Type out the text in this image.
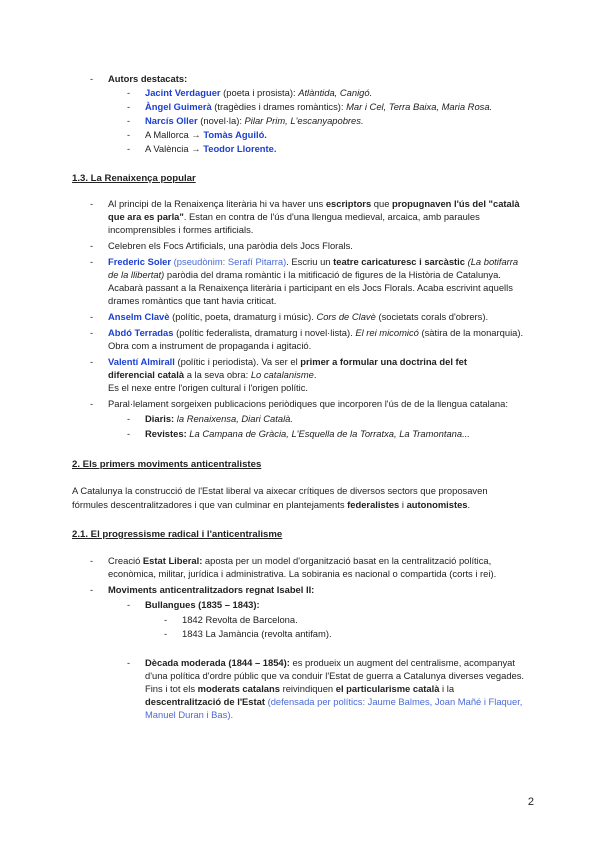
- Autors destacats:
- Jacint Verdaguer (poeta i prosista): Atlàntida, Canigó.
- Àngel Guimerà (tragèdies i drames romàntics): Mar i Cel, Terra Baixa, Maria Rosa.
- Narcís Oller (novel·la): Pilar Prim, L'escanyapobres.
- A Mallorca → Tomàs Aguiló.
- A València → Teodor Llorente.
1.3. La Renaixença popular
- Al principi de la Renaixença literària hi va haver uns escriptors que propugnaven l'ús del "català
que ara es parla". Estan en contra de l'ús d'una llengua medieval, arcaica, amb paraules
incomprensibles i formes artificials.
- Celebren els Focs Artificials, una paròdia dels Jocs Florals.
- Frederic Soler (pseudònim: Serafí Pitarra). Escriu un teatre caricaturesc i sarcàstic (La botifarra
de la llibertat) paròdia del drama romàntic i la mitificació de figures de la Història de Catalunya.
Acabarà passant a la Renaixença literària i participant en els Jocs Florals. Acaba escrivint aquells
drames romàntics que tant havia criticat.
- Anselm Clavè (polític, poeta, dramaturg i músic). Cors de Clavè (societats corals d'obrers).
- Abdó Terradas (polític federalista, dramaturg i novel·lista). El rei micomicó (sàtira de la monarquia).
Obra com a instrument de propaganda i agitació.
- Valentí Almirall (polític i periodista). Va ser el primer a formular una doctrina del fet
diferencial català a la seva obra: Lo catalanisme.
Es el nexe entre l'origen cultural i l'origen polític.
- Paral·lelament sorgeixen publicacions periòdiques que incorporen l'ús de de la llengua catalana:
- Diaris: la Renaixensa, Diari Català.
- Revistes: La Campana de Gràcia, L'Esquella de la Torratxa, La Tramontana...
2. Els primers moviments anticentralistes
A Catalunya la construcció de l'Estat liberal va aixecar crítiques de diversos sectors que proposaven
fórmules descentralitzadores i que van culminar en plantejaments federalistes i autonomistes.
2.1. El progressisme radical i l'anticentralisme
- Creació Estat Liberal: aposta per un model d'organització basat en la centralització política,
econòmica, militar, jurídica i administrativa. La sobirania es nacional o compartida (corts i rei).
- Moviments anticentralitzadors regnat Isabel II:
- Bullangues (1835 – 1843):
- 1842 Revolta de Barcelona.
- 1843 La Jamància (revolta antifam).
- Dècada moderada (1844 – 1854): es produeix un augment del centralisme, acompanyat
d'una política d'ordre públic que va conduir l'Estat de guerra a Catalunya diverses vegades.
Fins i tot els moderats catalans reivindiquen el particularisme català i la
descentralització de l'Estat (defensada per polítics: Jaume Balmes, Joan Mañé i Flaquer,
Manuel Duran i Bas).
2
